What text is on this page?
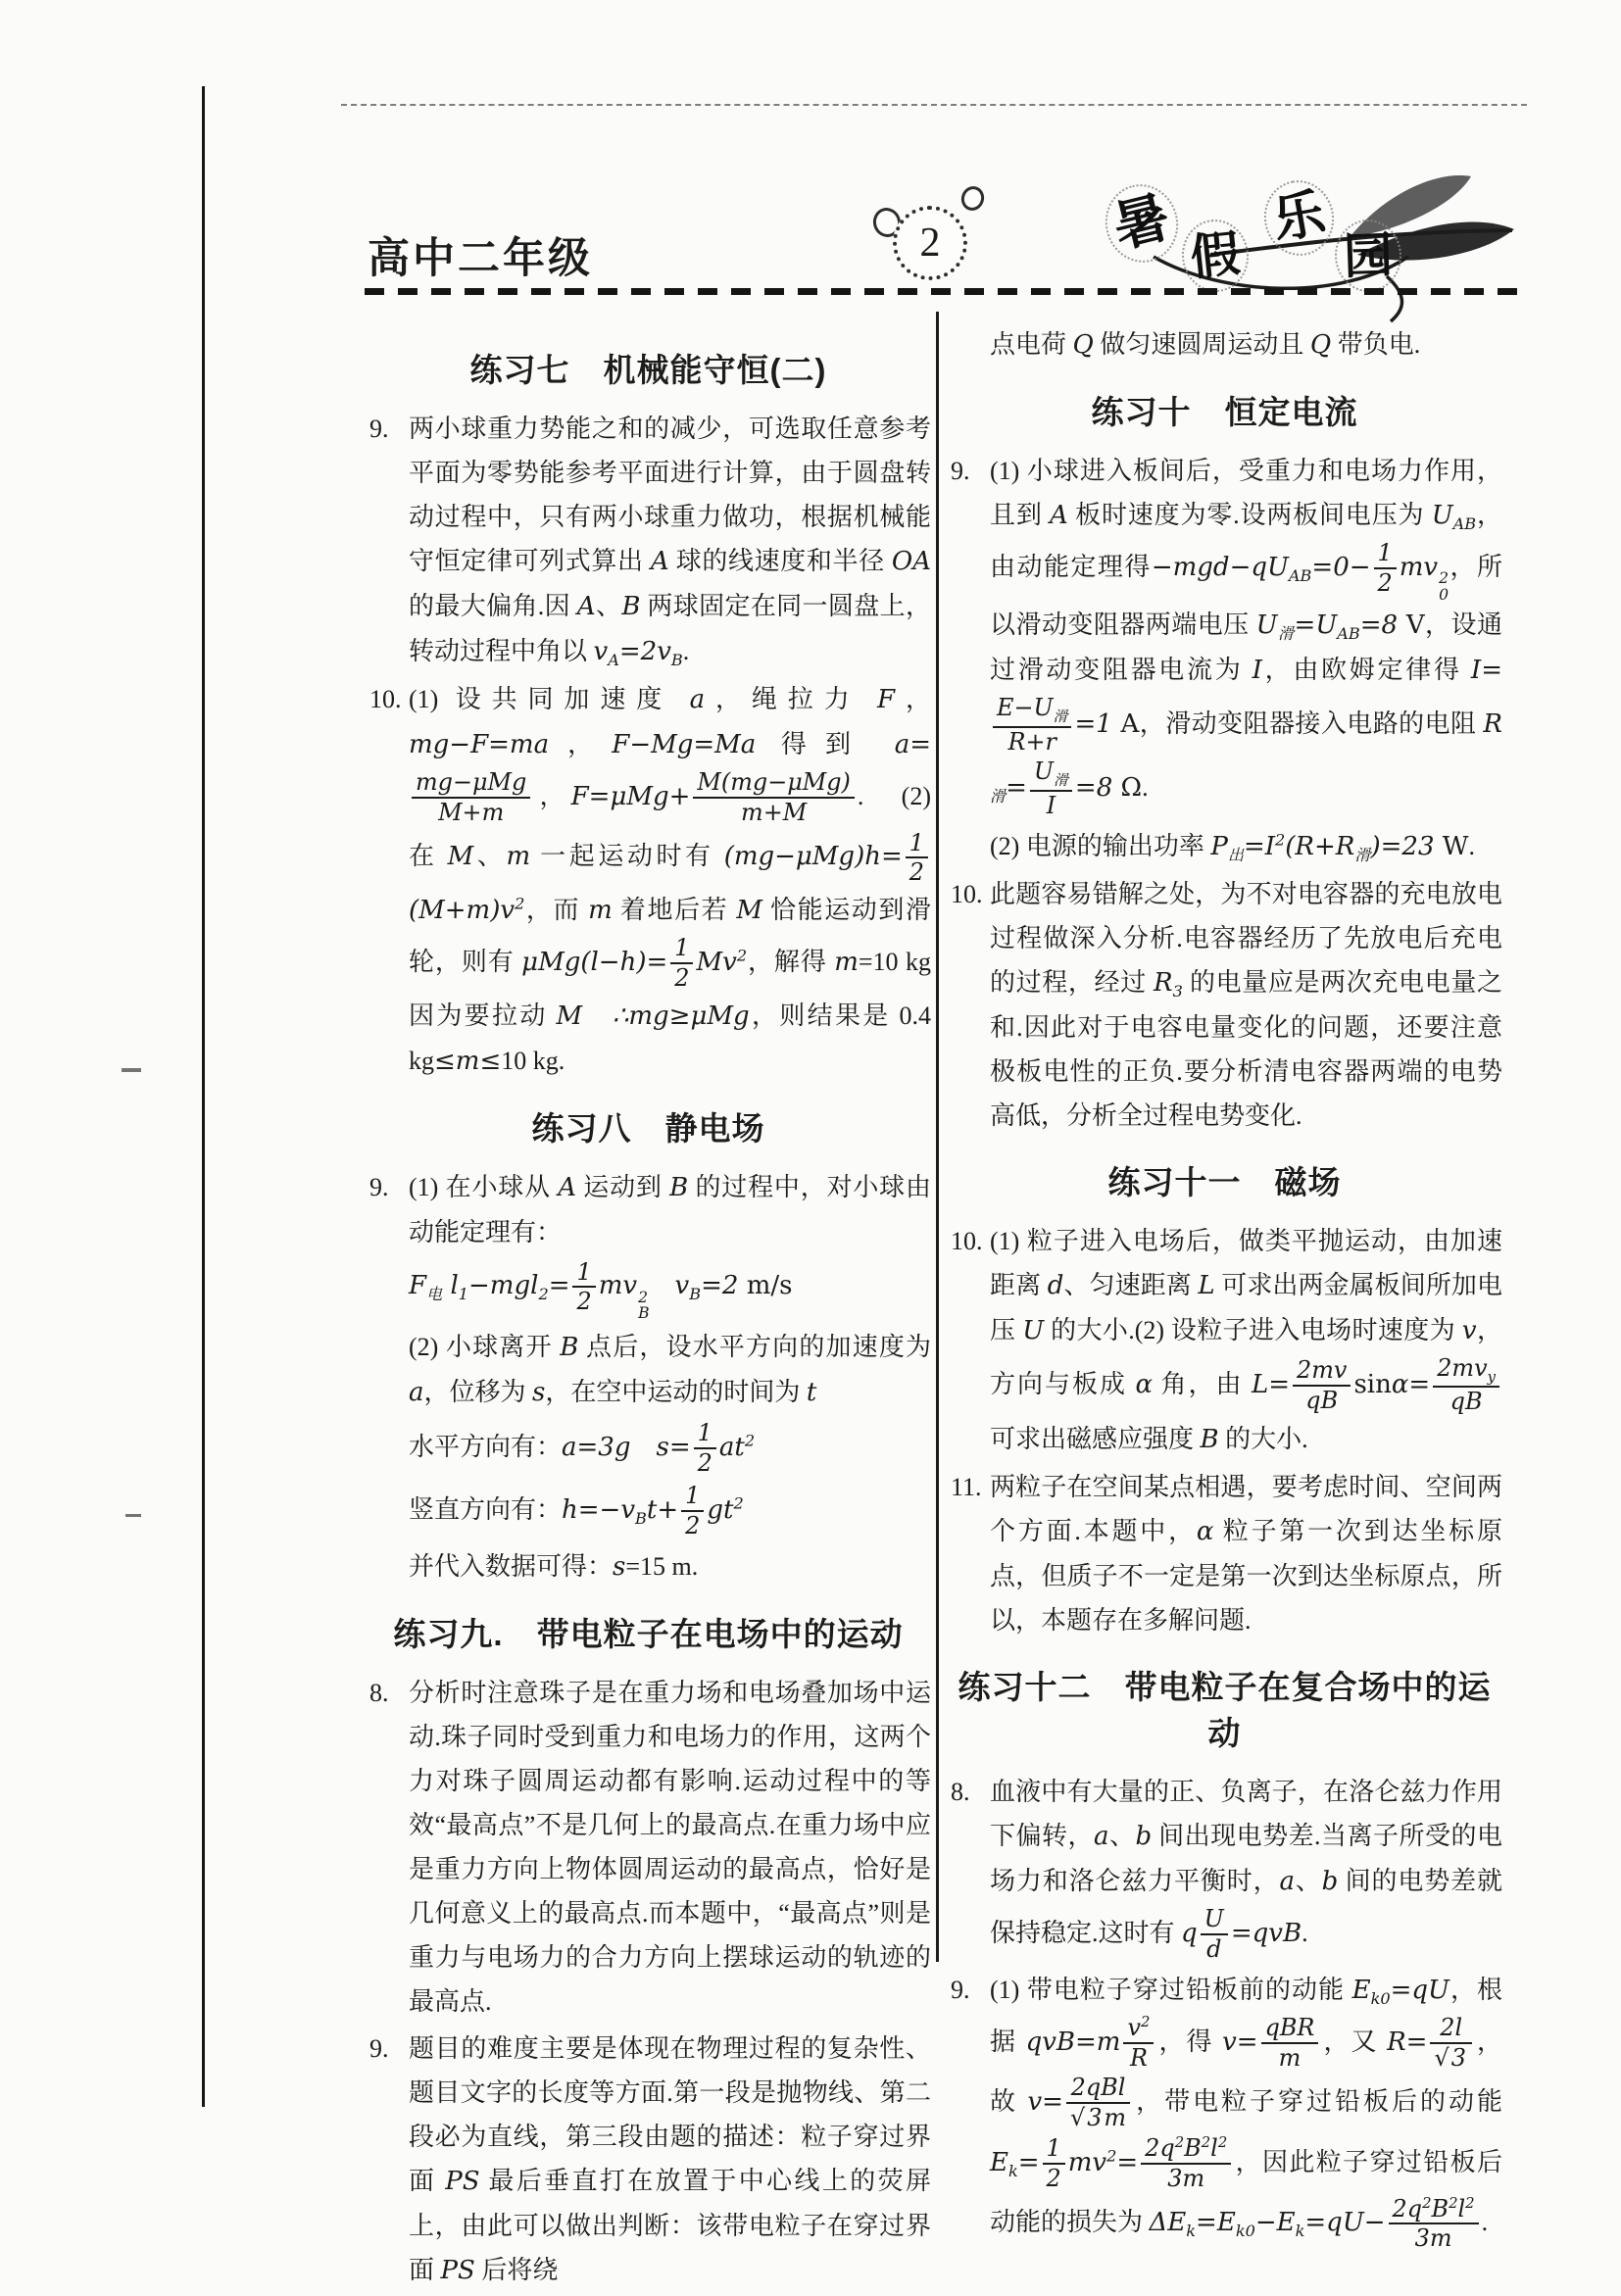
高中二年级	2	暑 假
乐
园
练习七　机械能守恒(二)
9. 两小球重力势能之和的减少，可选取任意参考平面为零势能参考平面进行计算，由于圆盘转动过程中，只有两小球重力做功，根据机械能守恒定律可列式算出 A 球的线速度和半径 OA 的最大偏角.因 A、B 两球固定在同一圆盘上，转动过程中角以 $v_A=2v_B$.
10. (1) 设共同加速度 a，绳拉力 F，mg−F=ma，F−Mg=Ma 得到 a=
$\frac{\text{mg−μMg}}{M+m}$ ，$F=\mu Mg+ \frac{\text{M(mg−μMg)}}{m+M}$ .　(2) 在 M、m 一起运动时有 $(mg-\mu Mg)h= \frac{1}{2}$
$(M+m)v^2$，而 m 着地后若 M 恰能运动到滑轮，则有 $\mu Mg(l-h)= \frac{1}{2} Mv^2$，解得 m=10 kg 因为要拉动 M　 ∴mg≥μMg，则结果是 0.4 kg≤m≤10 kg.
练习八　静电场
9. (1) 在小球从 A 运动到 B 的过程中，对小球由动能定理有：
$F_电$ $l_1-mgl_2= \frac{1}{2}$ mv 2
B
　$v_B=2$ m/s
(2) 小球离开 B 点后，设水平方向的加速度为 a，位移为 s，在空中运动的时间为 t
水平方向有：a=3g　$s= \frac{1}{2} at^2$
竖直方向有：$h=-v_Bt+ \frac{1}{2} gt^2$
并代入数据可得：s=15 m.
练习九.　带电粒子在电场中的运动
8. 分析时注意珠子是在重力场和电场叠加场中运动.珠子同时受到重力和电场力的作用，这两个力对珠子圆周运动都有影响.运动过程中的等效“最高点”不是几何上的最高点.在重力场中应是重力方向上物体圆周运动的最高点，恰好是几何意义上的最高点.而本题中，“最高点”则是重力与电场力的合力方向上摆球运动的轨迹的最高点.
9. 题目的难度主要是体现在物理过程的复杂性、题目文字的长度等方面.第一段是抛物线、第二段必为直线，第三段由题的描述：粒子穿过界面 PS 最后垂直打在放置于中心线上的荧屏上，由此可以做出判断：该带电粒子在穿过界面 PS 后将绕
点电荷 Q 做匀速圆周运动且 Q 带负电.
练习十　恒定电流
9. (1) 小球进入板间后，受重力和电场力作用，且到 A 板时速度为零.设两板间电压为 $U_{AB}$，由动能定理得$-mgd-qU_{AB}=0- \frac{1}{2}$ mv 2
0
，所以滑动变阻器两端电压 $U_滑=U_{AB}=8$ V，设通过滑动变阻器电流为 I，由欧姆定律得 I=
$\frac{E-U_滑}{R+r} =1$ A，滑动变阻器接入电路的电阻 $R_滑= \frac{U_滑}{I} =8$ Ω.
(2) 电源的输出功率 $P_出=I^2(R+R_滑)=23$ W.
10. 此题容易错解之处，为不对电容器的充电放电过程做深入分析.电容器经历了先放电后充电的过程，经过 $R_3$ 的电量应是两次充电电量之和.因此对于电容电量变化的问题，还要注意极板电性的正负.要分析清电容器两端的电势高低，分析全过程电势变化.
练习十一　磁场
10. (1) 粒子进入电场后，做类平抛运动，由加速距离 d、匀速距离 L 可求出两金属板间所加电压 U 的大小.(2) 设粒子进入电场时速度为 v，方向与板成 α 角，由 $L= \frac{2mv}{qB} \sin\alpha= \frac{2mv_y}{qB}$
可求出磁感应强度 B 的大小.
11. 两粒子在空间某点相遇，要考虑时间、空间两个方面.本题中，α 粒子第一次到达坐标原点，但质子不一定是第一次到达坐标原点，所以，本题存在多解问题.
练习十二　带电粒子在复合场中的运动
8. 血液中有大量的正、负离子，在洛仑兹力作用下偏转，a、b 间出现电势差.当离子所受的电场力和洛仑兹力平衡时，a、b 间的电势差就保持稳定.这时有 q $\frac{U}{d} =qvB$.
9. (1) 带电粒子穿过铅板前的动能 $E_{k0}=qU$，根据 $qvB=m \frac{v^2}{R}$ ，得 $v= \frac{\text{qBR}}{m}$ ，又 $R= \frac{2l}{√3}$ ，故 $v= \frac{\text{2qBl}}{√3m}$ ，带电粒子穿过铅板后的动能 $E_k= \frac{1}{2} mv^2= \frac{2q^2B^2l^2}{3m}$ ，因此粒子穿过铅板后动能的损失为 $\Delta E_k=E_{k0}-E_k=qU- \frac{2q^2B^2l^2}{3m}$ .
